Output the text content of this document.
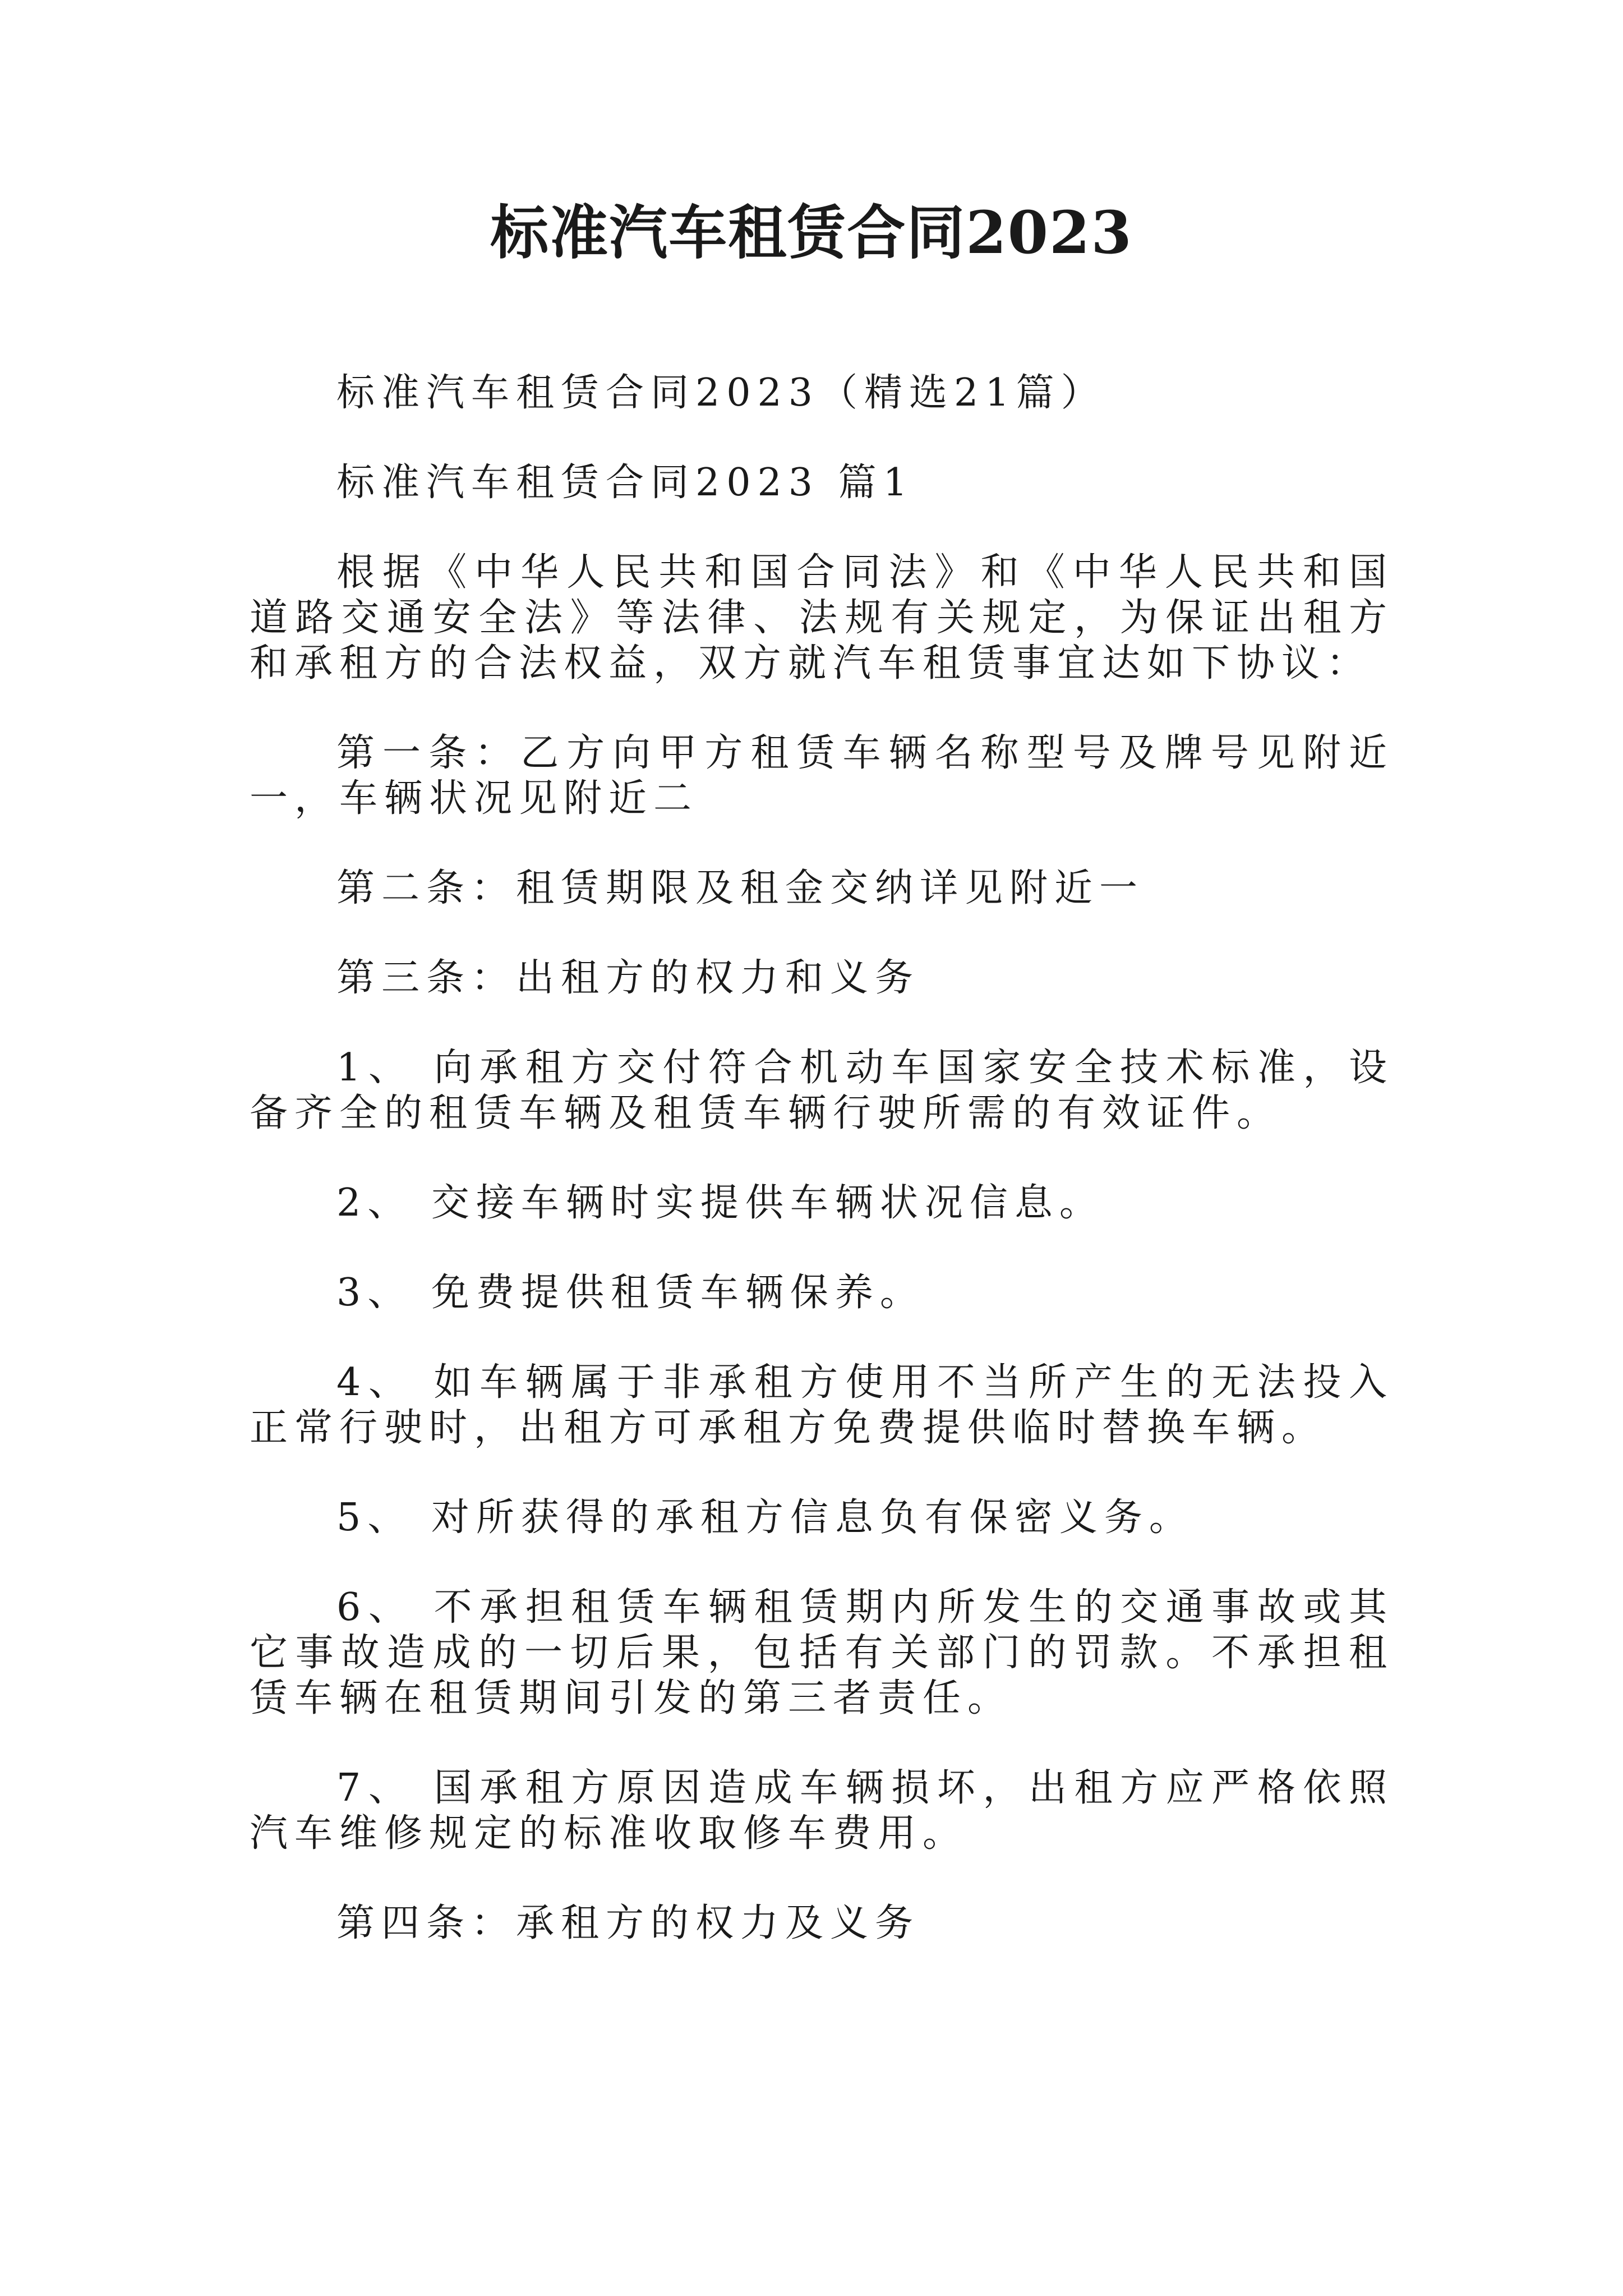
标准汽车租赁合同2023

标准汽车租赁合同2023（精选21篇）

标准汽车租赁合同2023 篇1

根据《中华人民共和国合同法》和《中华人民共和国道路交通安全法》等法律、法规有关规定，为保证出租方和承租方的合法权益，双方就汽车租赁事宜达如下协议：

第一条：乙方向甲方租赁车辆名称型号及牌号见附近一，车辆状况见附近二

第二条：租赁期限及租金交纳详见附近一

第三条：出租方的权力和义务

1、 向承租方交付符合机动车国家安全技术标准，设备齐全的租赁车辆及租赁车辆行驶所需的有效证件。

2、 交接车辆时实提供车辆状况信息。

3、 免费提供租赁车辆保养。

4、 如车辆属于非承租方使用不当所产生的无法投入正常行驶时，出租方可承租方免费提供临时替换车辆。

5、 对所获得的承租方信息负有保密义务。

6、 不承担租赁车辆租赁期内所发生的交通事故或其它事故造成的一切后果，包括有关部门的罚款。不承担租赁车辆在租赁期间引发的第三者责任。

7、 国承租方原因造成车辆损坏，出租方应严格依照汽车维修规定的标准收取修车费用。

第四条：承租方的权力及义务
